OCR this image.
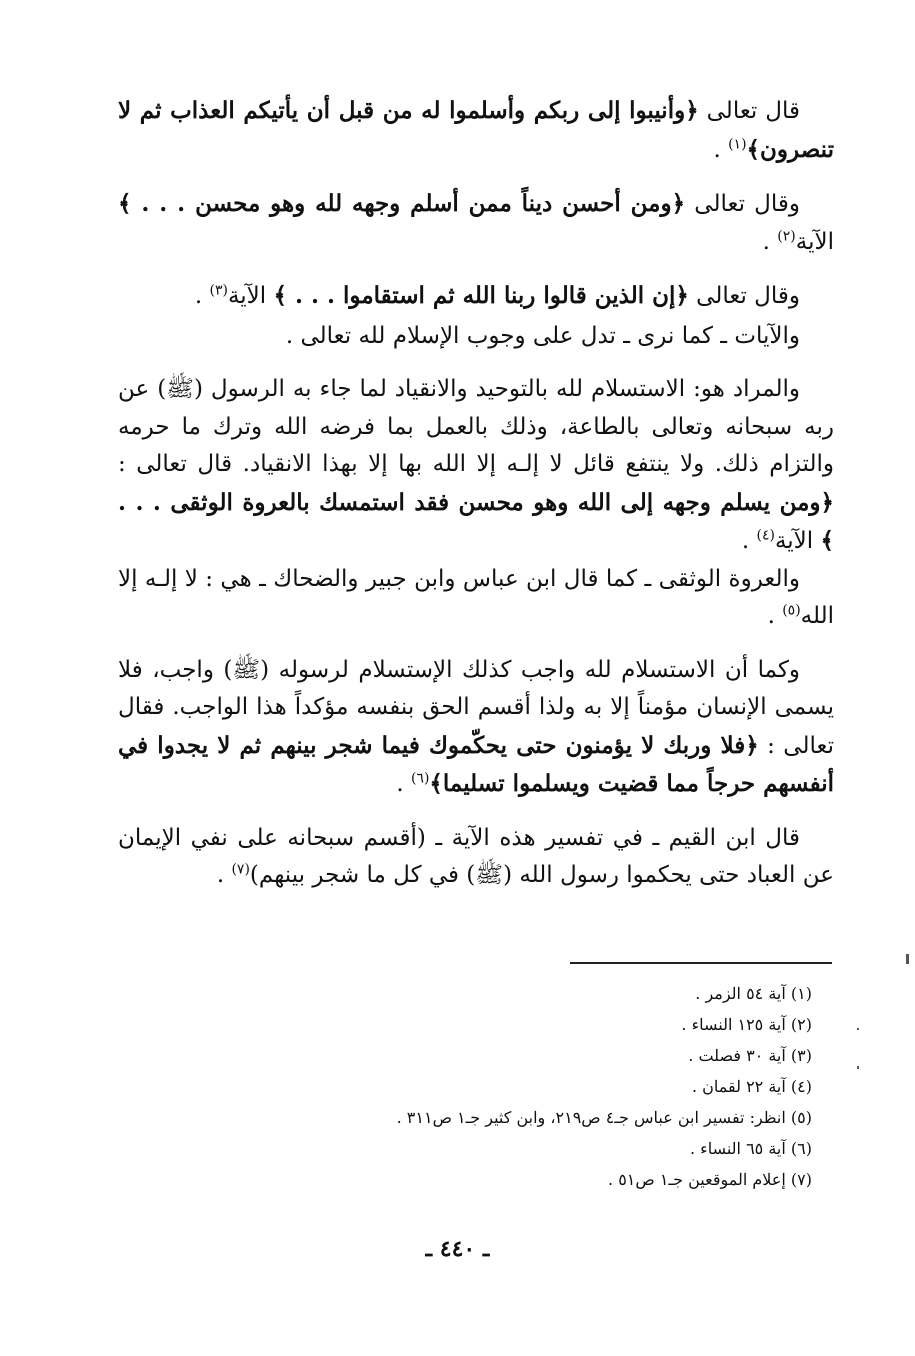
قال تعالى ﴿وأنيبوا إلى ربكم وأسلموا له من قبل أن يأتيكم العذاب ثم لا تنصرون﴾$^{(١)}$ .

وقال تعالى ﴿ومن أحسن ديناً ممن أسلم وجهه لله وهو محسن . . . ﴾ الآية$^{(٢)}$ .

وقال تعالى ﴿إن الذين قالوا ربنا الله ثم استقاموا . . . ﴾ الآية$^{(٣)}$ .

والآيات ـ كما نرى ـ تدل على وجوب الإسلام لله تعالى .

والمراد هو: الاستسلام لله بالتوحيد والانقياد لما جاء به الرسول (ﷺ) عن ربه سبحانه وتعالى بالطاعة، وذلك بالعمل بما فرضه الله وترك ما حرمه والتزام ذلك. ولا ينتفع قائل لا إلـه إلا الله بها إلا بهذا الانقياد. قال تعالى : ﴿ومن يسلم وجهه إلى الله وهو محسن فقد استمسك بالعروة الوثقى . . . ﴾ الآية$^{(٤)}$ .

والعروة الوثقى ـ كما قال ابن عباس وابن جبير والضحاك ـ هي : لا إلـه إلا الله$^{(٥)}$ .

وكما أن الاستسلام لله واجب كذلك الإستسلام لرسوله (ﷺ) واجب، فلا يسمى الإنسان مؤمناً إلا به ولذا أقسم الحق بنفسه مؤكداً هذا الواجب. فقال تعالى : ﴿فلا وربك لا يؤمنون حتى يحكّموك فيما شجر بينهم ثم لا يجدوا في أنفسهم حرجاً مما قضيت ويسلموا تسليما﴾$^{(٦)}$ .

قال ابن القيم ـ في تفسير هذه الآية ـ (أقسم سبحانه على نفي الإيمان عن العباد حتى يحكموا رسول الله (ﷺ) في كل ما شجر بينهم)$^{(٧)}$ .

(١) آية ٥٤ الزمر .

(٢) آية ١٢٥ النساء .

(٣) آية ٣٠ فصلت .

(٤) آية ٢٢ لقمان .

(٥) انظر: تفسير ابن عباس جـ٤ ص٢١٩، وابن كثير جـ١ ص٣١١ .

(٦) آية ٦٥ النساء .

(٧) إعلام الموقعين جـ١ ص٥١ .

ـ ٤٤٠ ـ
